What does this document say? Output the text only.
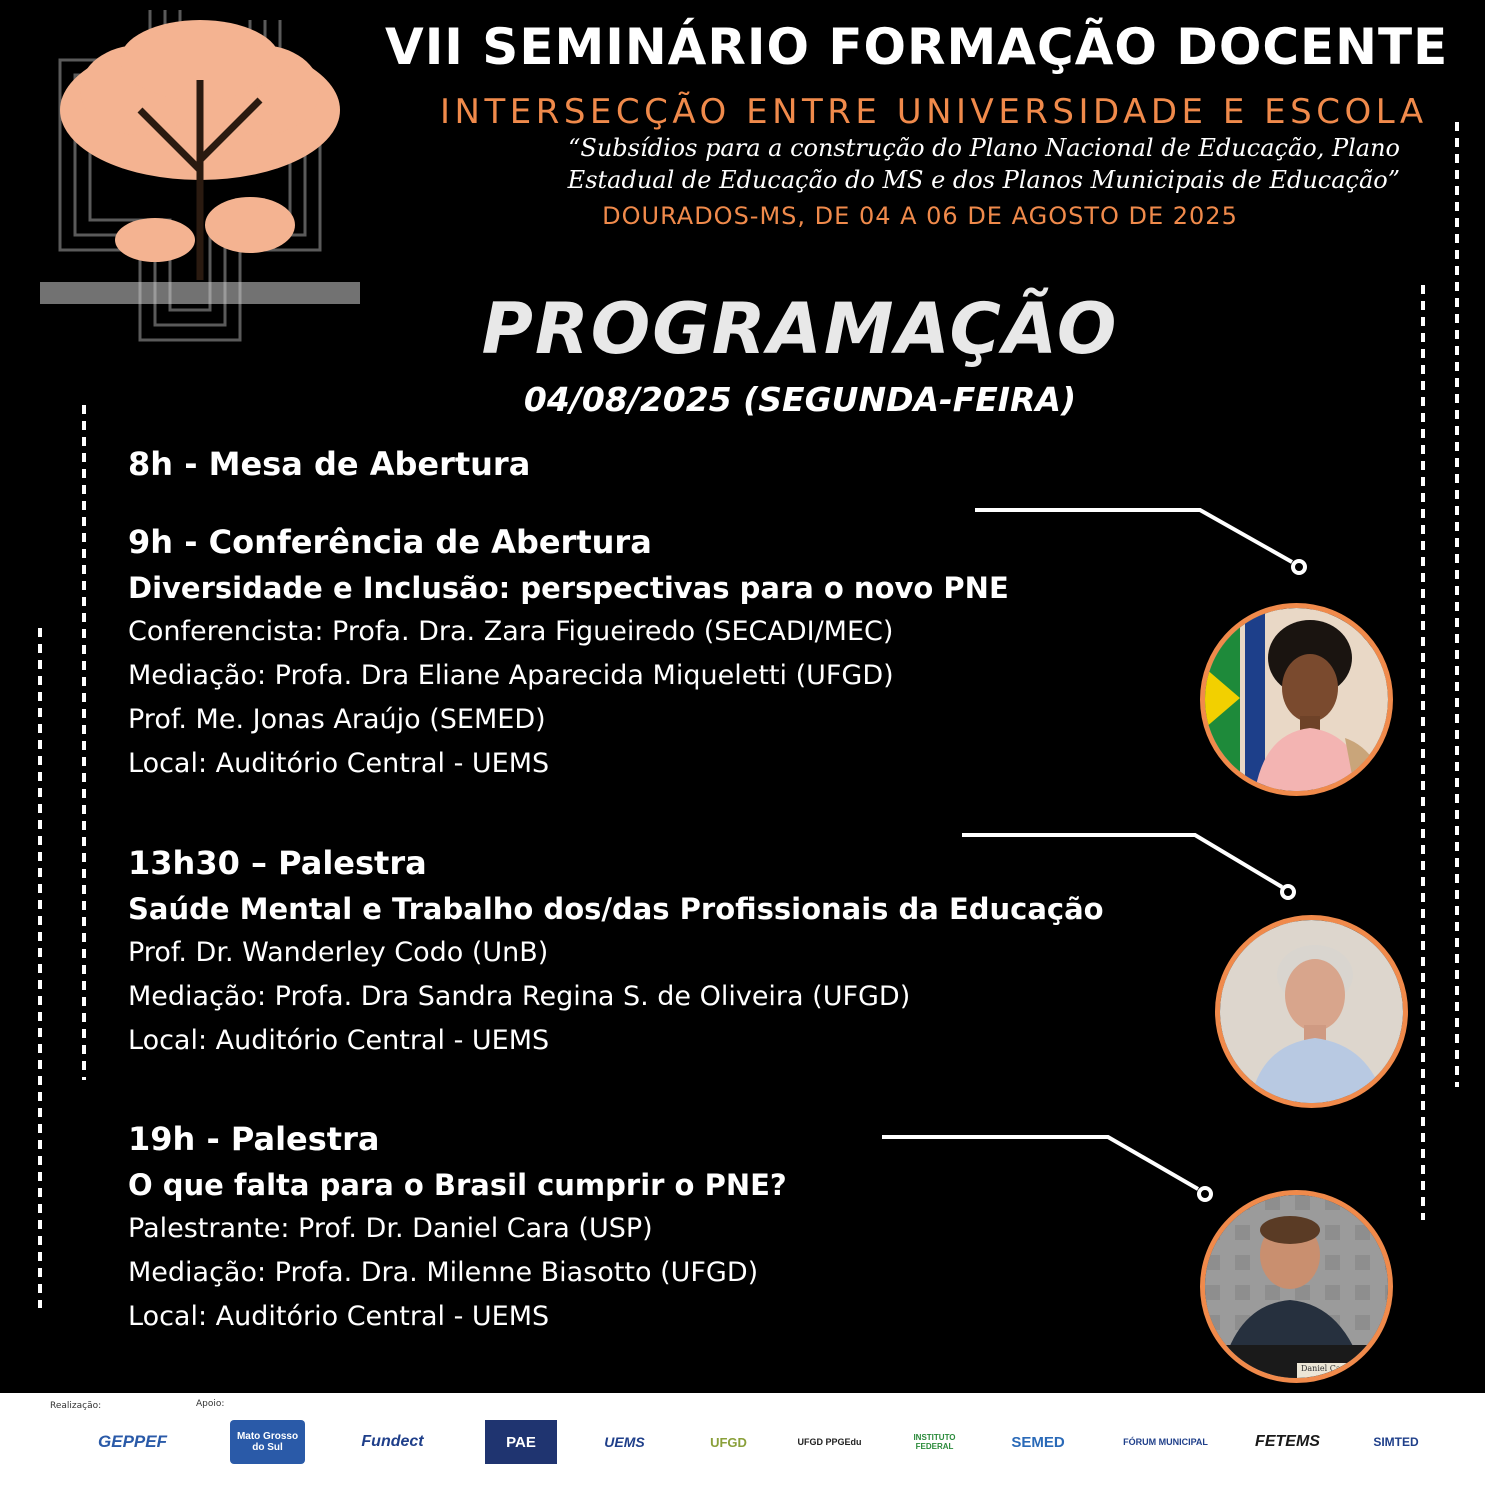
VII SEMINÁRIO FORMAÇÃO DOCENTE
INTERSECÇÃO ENTRE UNIVERSIDADE E ESCOLA
“Subsídios para a construção do Plano Nacional de Educação, Plano
Estadual de Educação do MS e dos Planos Municipais de Educação”
DOURADOS-MS, DE 04 A 06 DE AGOSTO DE 2025
PROGRAMAÇÃO
04/08/2025 (SEGUNDA-FEIRA)
8h - Mesa de Abertura
9h - Conferência de Abertura
Diversidade e Inclusão: perspectivas para o novo PNE
Conferencista: Profa. Dra. Zara Figueiredo (SECADI/MEC)
Mediação: Profa. Dra Eliane Aparecida Miqueletti (UFGD)
Prof. Me. Jonas Araújo (SEMED)
Local: Auditório Central - UEMS
13h30 – Palestra
Saúde Mental e Trabalho dos/das Profissionais da Educação
Prof. Dr. Wanderley Codo (UnB)
Mediação: Profa. Dra Sandra Regina S. de Oliveira (UFGD)
Local: Auditório Central - UEMS
19h - Palestra
O que falta para o Brasil cumprir o PNE?
Palestrante: Prof. Dr. Daniel Cara (USP)
Mediação: Profa. Dra. Milenne Biasotto (UFGD)
Local: Auditório Central - UEMS
Daniel Cara
Realização:	Apoio:
GEPPEF	Mato Grosso do Sul	Fundect	PAE	UEMS	UFGD	UFGD PPGEdu	INSTITUTO FEDERAL	SEMED	FÓRUM MUNICIPAL	FETEMS	SIMTED
